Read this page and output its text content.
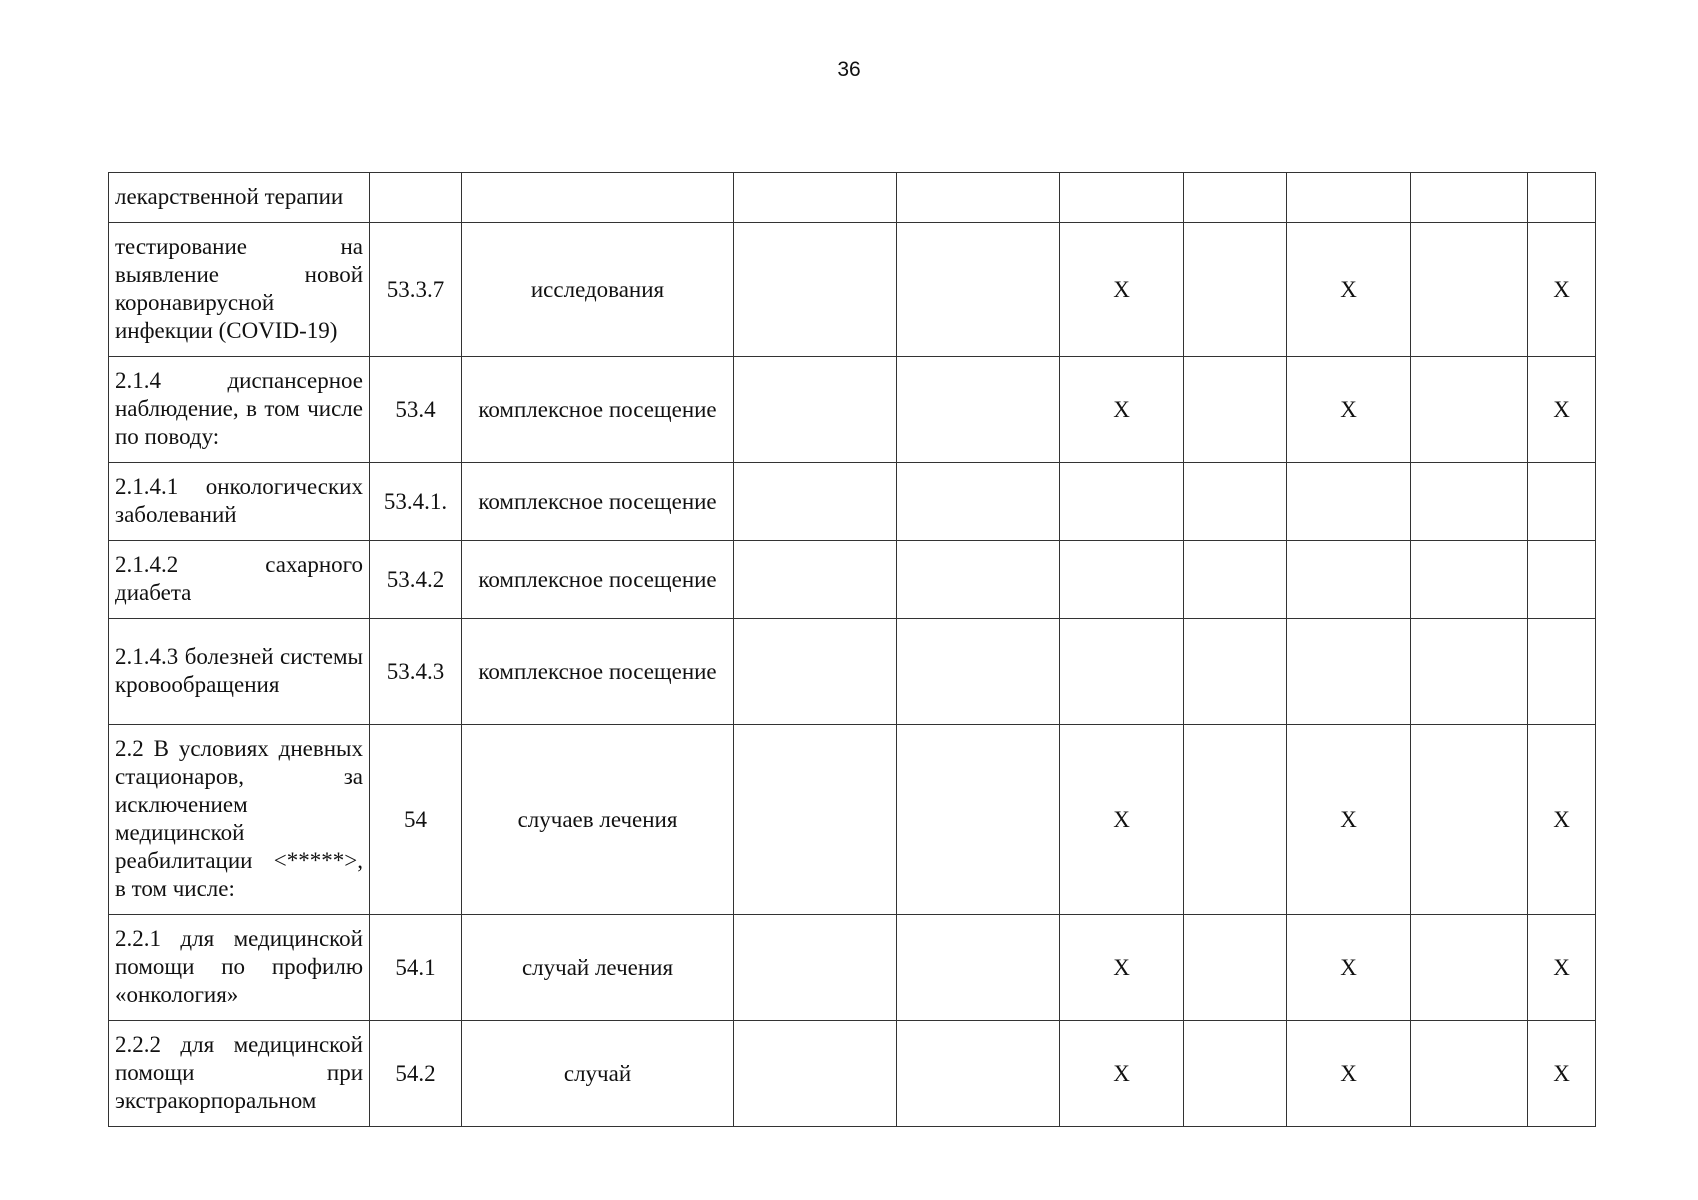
36
лекарственной терапии									
тестирование на выявление новой коронавирусной инфекции (COVID-19)	53.3.7	исследования			X		X		X
2.1.4 диспансерное наблюдение, в том числе по поводу:	53.4	комплексное посещение			X		X		X
2.1.4.1 онкологических заболеваний	53.4.1.	комплексное посещение							
2.1.4.2 сахарного диабета	53.4.2	комплексное посещение							
2.1.4.3 болезней системы кровообращения	53.4.3	комплексное посещение							
2.2 В условиях дневных стационаров, за исключением медицинской реабилитации <*****>, в том числе:	54	случаев лечения			X		X		X
2.2.1 для медицинской помощи по профилю «онкология»	54.1	случай лечения			X		X		X
2.2.2 для медицинской помощи при экстракорпоральном	54.2	случай			X		X		X
